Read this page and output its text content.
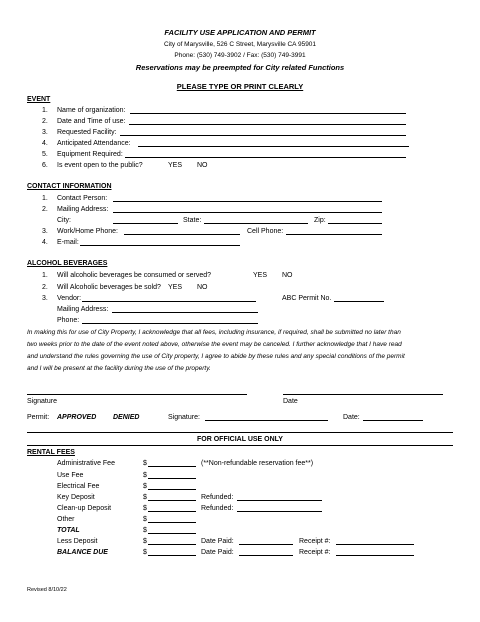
FACILITY USE APPLICATION AND PERMIT
City of Marysville, 526 C Street, Marysville CA 95901
Phone: (530) 749-3902 / Fax: (530) 749-3991
Reservations may be preempted for City related Functions
PLEASE TYPE OR PRINT CLEARLY
EVENT
1. Name of organization:
2. Date and Time of use:
3. Requested Facility:
4. Anticipated Attendance:
5. Equipment Required:
6. Is event open to the public?	YES NO
CONTACT INFORMATION
1. Contact Person:
2. Mailing Address:
City:	State:	Zip:
3. Work/Home Phone:	Cell Phone:
4. E-mail:
ALCOHOL BEVERAGES
1. Will alcoholic beverages be consumed or served?	YES NO
2. Will Alcoholic beverages be sold? YES NO
3. Vendor:	ABC Permit No.
Mailing Address:
Phone:
In making this for use of City Property, I acknowledge that all fees, including insurance, if required, shall be submitted no later than
two weeks prior to the date of the event noted above, otherwise the event may be canceled. I further acknowledge that I have read
and understand the rules governing the use of City property, I agree to abide by these rules and any special conditions of the permit
and I will be present at the facility during the use of the property.
Signature	Date
Permit: APPROVED DENIED	Signature:	Date:
FOR OFFICIAL USE ONLY
RENTAL FEES
Administrative Fee	$	(**Non-refundable reservation fee**)
Use Fee	$
Electrical Fee	$
Key Deposit	$	Refunded:
Clean-up Deposit	$	Refunded:
Other	$
TOTAL	$
Less Deposit	$	Date Paid:	Receipt #:
BALANCE DUE	$	Date Paid:	Receipt #:
Revised 8/10/22
